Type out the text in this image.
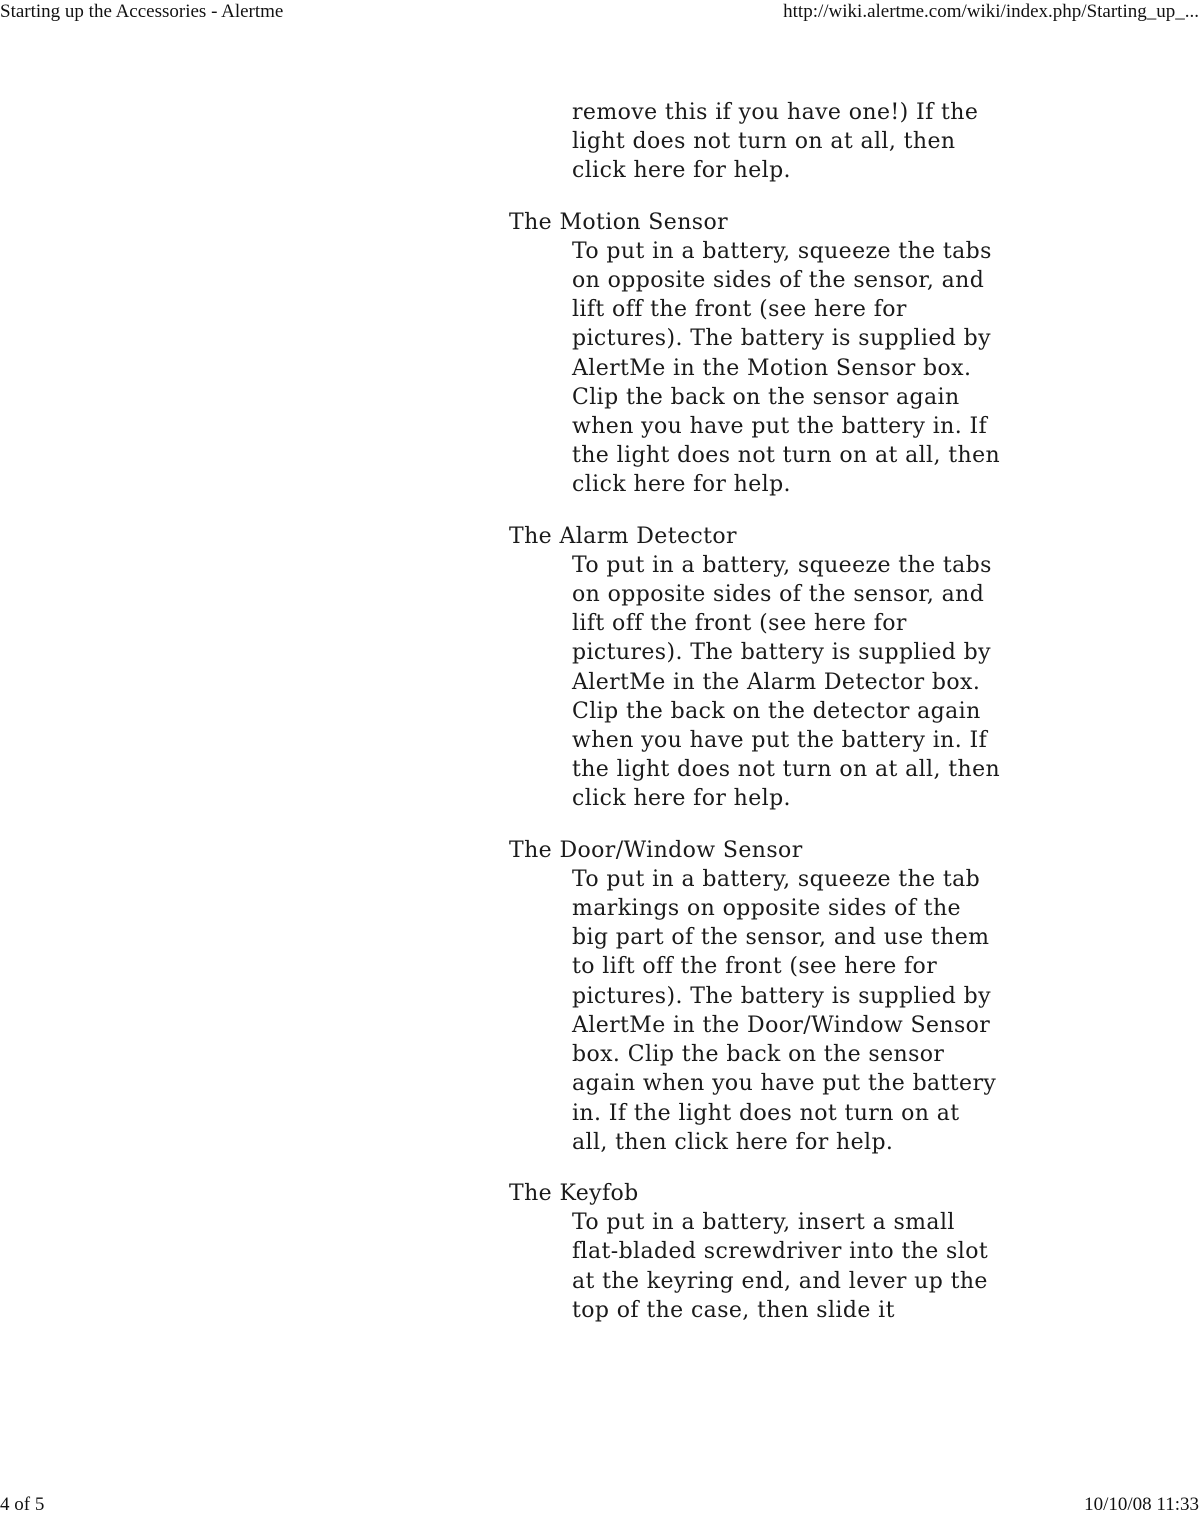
Starting up the Accessories - Alertme	http://wiki.alertme.com/wiki/index.php/Starting_up_...
remove this if you have one!) If the light does not turn on at all, then click here for help.
The Motion Sensor
To put in a battery, squeeze the tabs on opposite sides of the sensor, and lift off the front (see here for pictures). The battery is supplied by AlertMe in the Motion Sensor box. Clip the back on the sensor again when you have put the battery in. If the light does not turn on at all, then click here for help.
The Alarm Detector
To put in a battery, squeeze the tabs on opposite sides of the sensor, and lift off the front (see here for pictures). The battery is supplied by AlertMe in the Alarm Detector box. Clip the back on the detector again when you have put the battery in. If the light does not turn on at all, then click here for help.
The Door/Window Sensor
To put in a battery, squeeze the tab markings on opposite sides of the big part of the sensor, and use them to lift off the front (see here for pictures). The battery is supplied by AlertMe in the Door/Window Sensor box. Clip the back on the sensor again when you have put the battery in. If the light does not turn on at all, then click here for help.
The Keyfob
To put in a battery, insert a small flat-bladed screwdriver into the slot at the keyring end, and lever up the top of the case, then slide it
4 of 5	10/10/08 11:33
